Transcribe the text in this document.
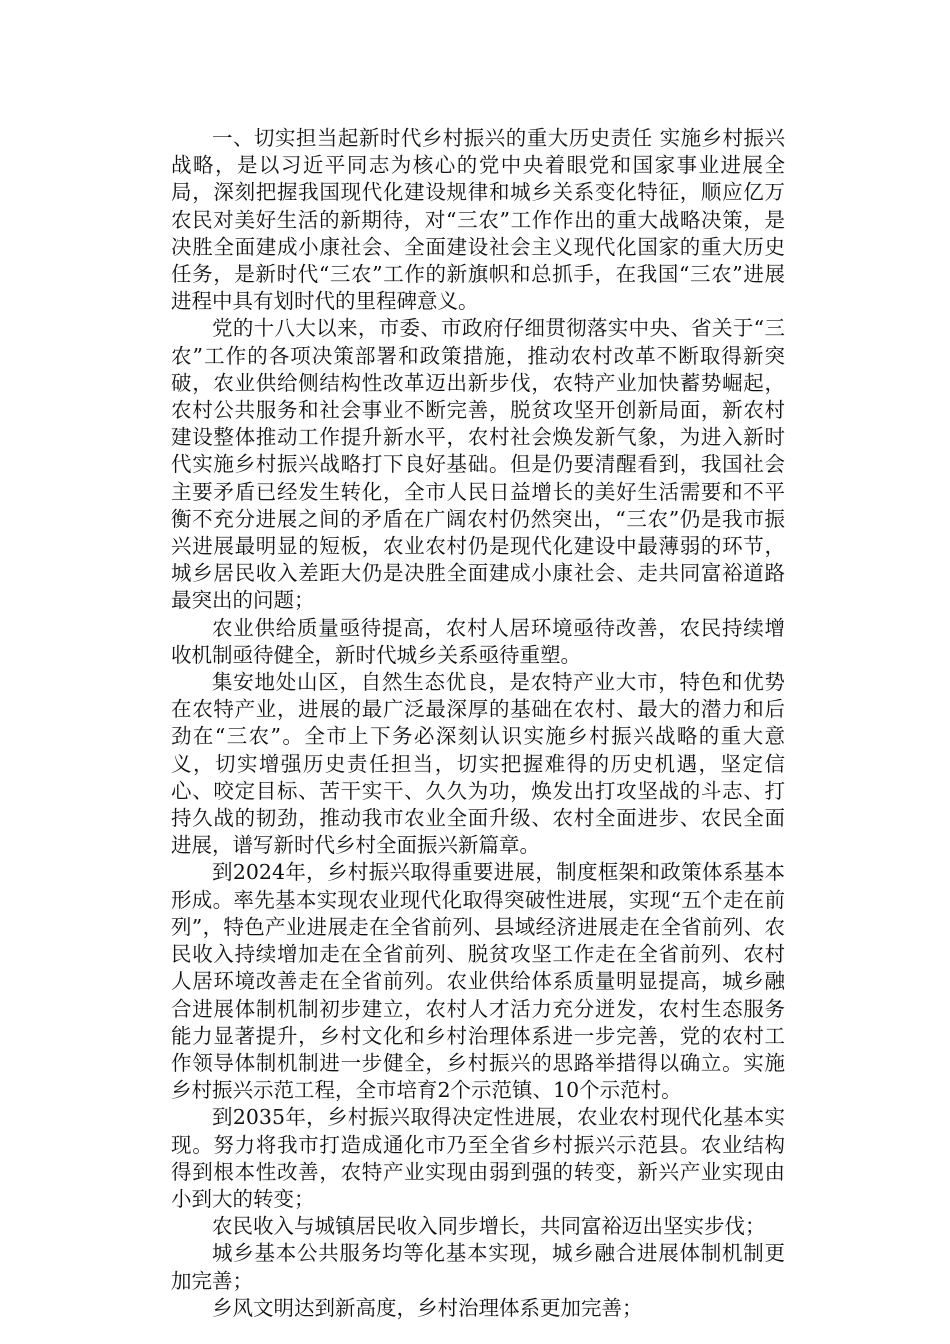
一、切实担当起新时代乡村振兴的重大历史责任 实施乡村振兴战略，是以习近平同志为核心的党中央着眼党和国家事业进展全局，深刻把握我国现代化建设规律和城乡关系变化特征，顺应亿万农民对美好生活的新期待，对“三农”工作作出的重大战略决策，是决胜全面建成小康社会、全面建设社会主义现代化国家的重大历史任务，是新时代“三农”工作的新旗帜和总抓手，在我国“三农”进展进程中具有划时代的里程碑意义。

党的十八大以来，市委、市政府仔细贯彻落实中央、省关于“三农”工作的各项决策部署和政策措施，推动农村改革不断取得新突破，农业供给侧结构性改革迈出新步伐，农特产业加快蓄势崛起，农村公共服务和社会事业不断完善，脱贫攻坚开创新局面，新农村建设整体推动工作提升新水平，农村社会焕发新气象，为进入新时代实施乡村振兴战略打下良好基础。但是仍要清醒看到，我国社会主要矛盾已经发生转化，全市人民日益增长的美好生活需要和不平衡不充分进展之间的矛盾在广阔农村仍然突出，“三农”仍是我市振兴进展最明显的短板，农业农村仍是现代化建设中最薄弱的环节，城乡居民收入差距大仍是决胜全面建成小康社会、走共同富裕道路最突出的问题；

农业供给质量亟待提高，农村人居环境亟待改善，农民持续增收机制亟待健全，新时代城乡关系亟待重塑。

集安地处山区，自然生态优良，是农特产业大市，特色和优势在农特产业，进展的最广泛最深厚的基础在农村、最大的潜力和后劲在“三农”。全市上下务必深刻认识实施乡村振兴战略的重大意义，切实增强历史责任担当，切实把握难得的历史机遇，坚定信心、咬定目标、苦干实干、久久为功，焕发出打攻坚战的斗志、打持久战的韧劲，推动我市农业全面升级、农村全面进步、农民全面进展，谱写新时代乡村全面振兴新篇章。

到2024年，乡村振兴取得重要进展，制度框架和政策体系基本形成。率先基本实现农业现代化取得突破性进展，实现“五个走在前列”，特色产业进展走在全省前列、县域经济进展走在全省前列、农民收入持续增加走在全省前列、脱贫攻坚工作走在全省前列、农村人居环境改善走在全省前列。农业供给体系质量明显提高，城乡融合进展体制机制初步建立，农村人才活力充分迸发，农村生态服务能力显著提升，乡村文化和乡村治理体系进一步完善，党的农村工作领导体制机制进一步健全，乡村振兴的思路举措得以确立。实施乡村振兴示范工程，全市培育2个示范镇、10个示范村。

到2035年，乡村振兴取得决定性进展，农业农村现代化基本实现。努力将我市打造成通化市乃至全省乡村振兴示范县。农业结构得到根本性改善，农特产业实现由弱到强的转变，新兴产业实现由小到大的转变；

农民收入与城镇居民收入同步增长，共同富裕迈出坚实步伐；

城乡基本公共服务均等化基本实现，城乡融合进展体制机制更加完善；

乡风文明达到新高度，乡村治理体系更加完善；
